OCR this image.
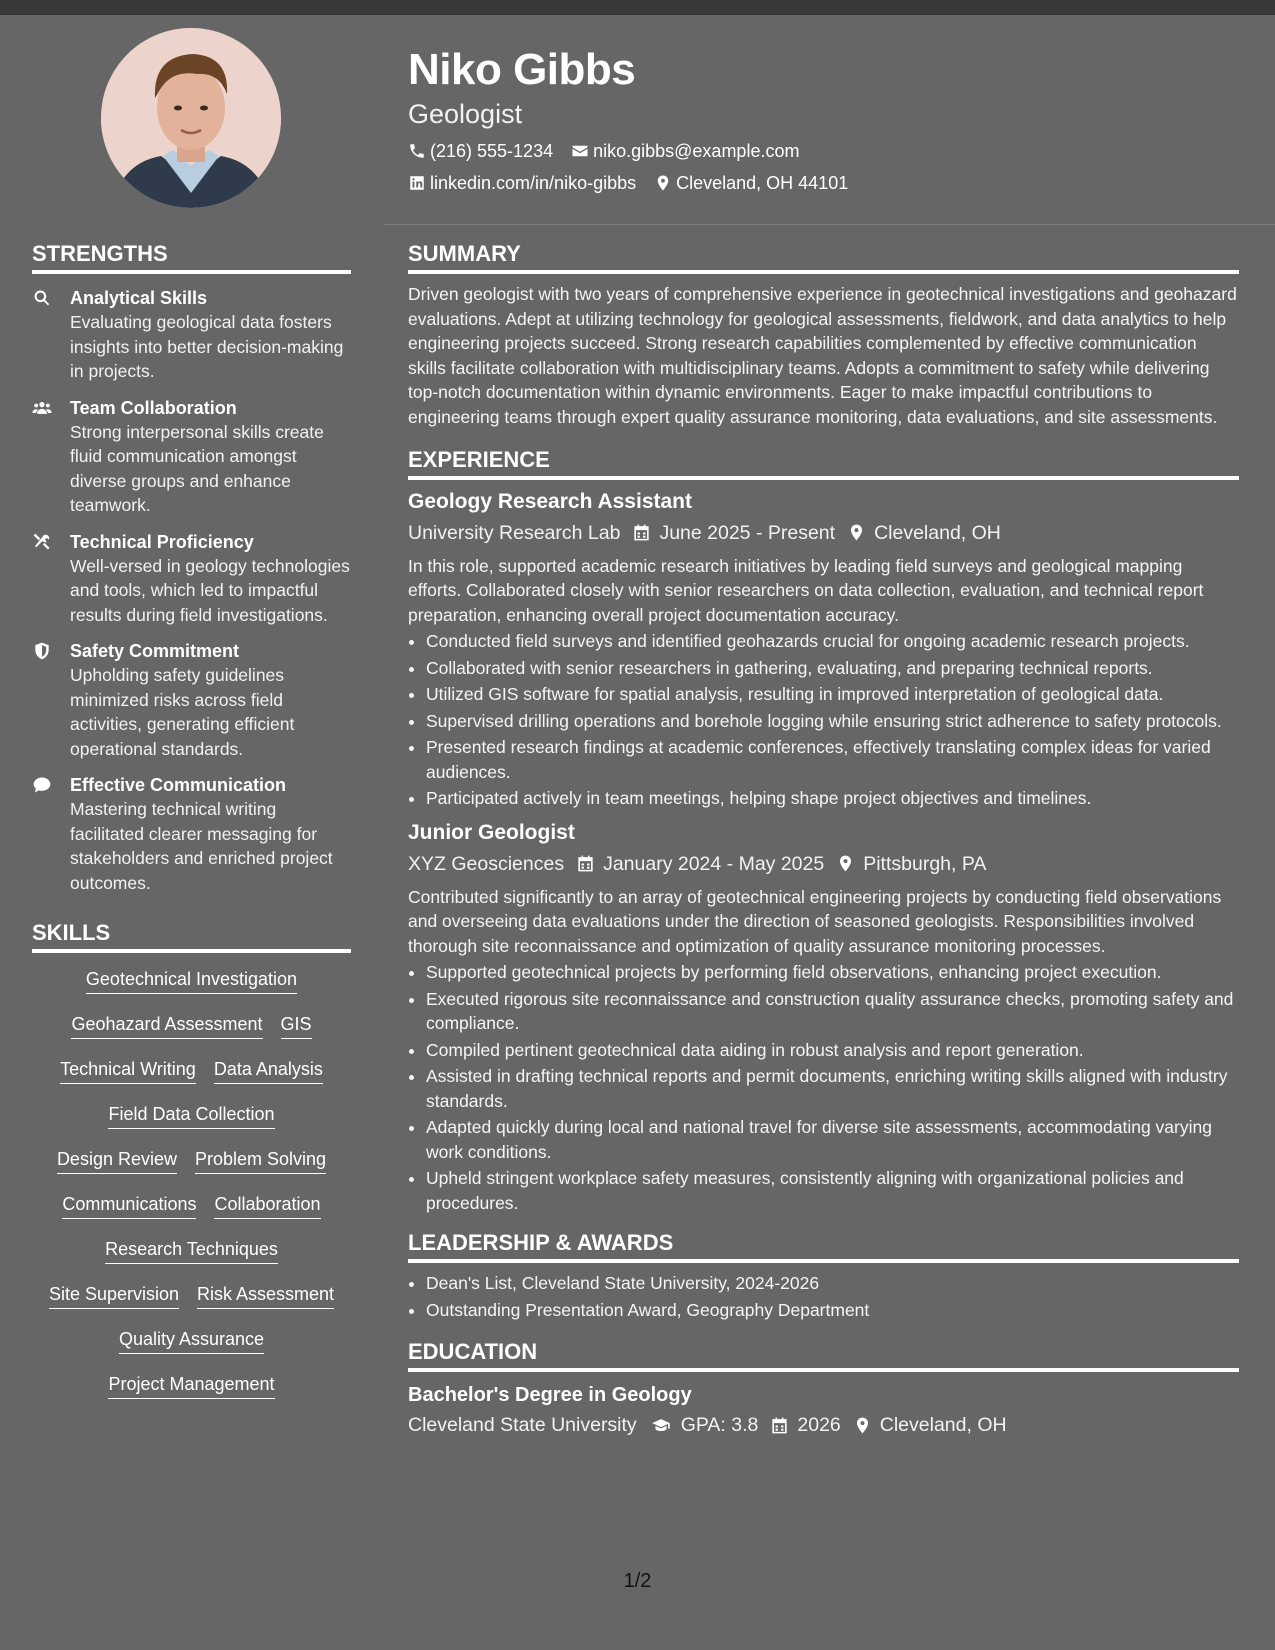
Niko Gibbs
Geologist
(216) 555-1234 niko.gibbs@example.com
linkedin.com/in/niko-gibbs Cleveland, OH 44101
STRENGTHS
Analytical Skills
Evaluating geological data fosters insights into better decision-making in projects.
Team Collaboration
Strong interpersonal skills create fluid communication amongst diverse groups and enhance teamwork.
Technical Proficiency
Well-versed in geology technologies and tools, which led to impactful results during field investigations.
Safety Commitment
Upholding safety guidelines minimized risks across field activities, generating efficient operational standards.
Effective Communication
Mastering technical writing facilitated clearer messaging for stakeholders and enriched project outcomes.
SKILLS
Geotechnical Investigation
Geohazard Assessment GIS
Technical Writing Data Analysis
Field Data Collection
Design Review Problem Solving
Communications Collaboration
Research Techniques
Site Supervision Risk Assessment
Quality Assurance
Project Management
SUMMARY
Driven geologist with two years of comprehensive experience in geotechnical investigations and geohazard evaluations. Adept at utilizing technology for geological assessments, fieldwork, and data analytics to help engineering projects succeed. Strong research capabilities complemented by effective communication skills facilitate collaboration with multidisciplinary teams. Adopts a commitment to safety while delivering top-notch documentation within dynamic environments. Eager to make impactful contributions to engineering teams through expert quality assurance monitoring, data evaluations, and site assessments.
EXPERIENCE
Geology Research Assistant
University Research Lab June 2025 - Present Cleveland, OH
In this role, supported academic research initiatives by leading field surveys and geological mapping efforts. Collaborated closely with senior researchers on data collection, evaluation, and technical report preparation, enhancing overall project documentation accuracy.
• Conducted field surveys and identified geohazards crucial for ongoing academic research projects.
• Collaborated with senior researchers in gathering, evaluating, and preparing technical reports.
• Utilized GIS software for spatial analysis, resulting in improved interpretation of geological data.
• Supervised drilling operations and borehole logging while ensuring strict adherence to safety protocols.
• Presented research findings at academic conferences, effectively translating complex ideas for varied audiences.
• Participated actively in team meetings, helping shape project objectives and timelines.
Junior Geologist
XYZ Geosciences January 2024 - May 2025 Pittsburgh, PA
Contributed significantly to an array of geotechnical engineering projects by conducting field observations and overseeing data evaluations under the direction of seasoned geologists. Responsibilities involved thorough site reconnaissance and optimization of quality assurance monitoring processes.
• Supported geotechnical projects by performing field observations, enhancing project execution.
• Executed rigorous site reconnaissance and construction quality assurance checks, promoting safety and compliance.
• Compiled pertinent geotechnical data aiding in robust analysis and report generation.
• Assisted in drafting technical reports and permit documents, enriching writing skills aligned with industry standards.
• Adapted quickly during local and national travel for diverse site assessments, accommodating varying work conditions.
• Upheld stringent workplace safety measures, consistently aligning with organizational policies and procedures.
LEADERSHIP & AWARDS
• Dean's List, Cleveland State University, 2024-2026
• Outstanding Presentation Award, Geography Department
EDUCATION
Bachelor's Degree in Geology
Cleveland State University GPA: 3.8 2026 Cleveland, OH
1/2
